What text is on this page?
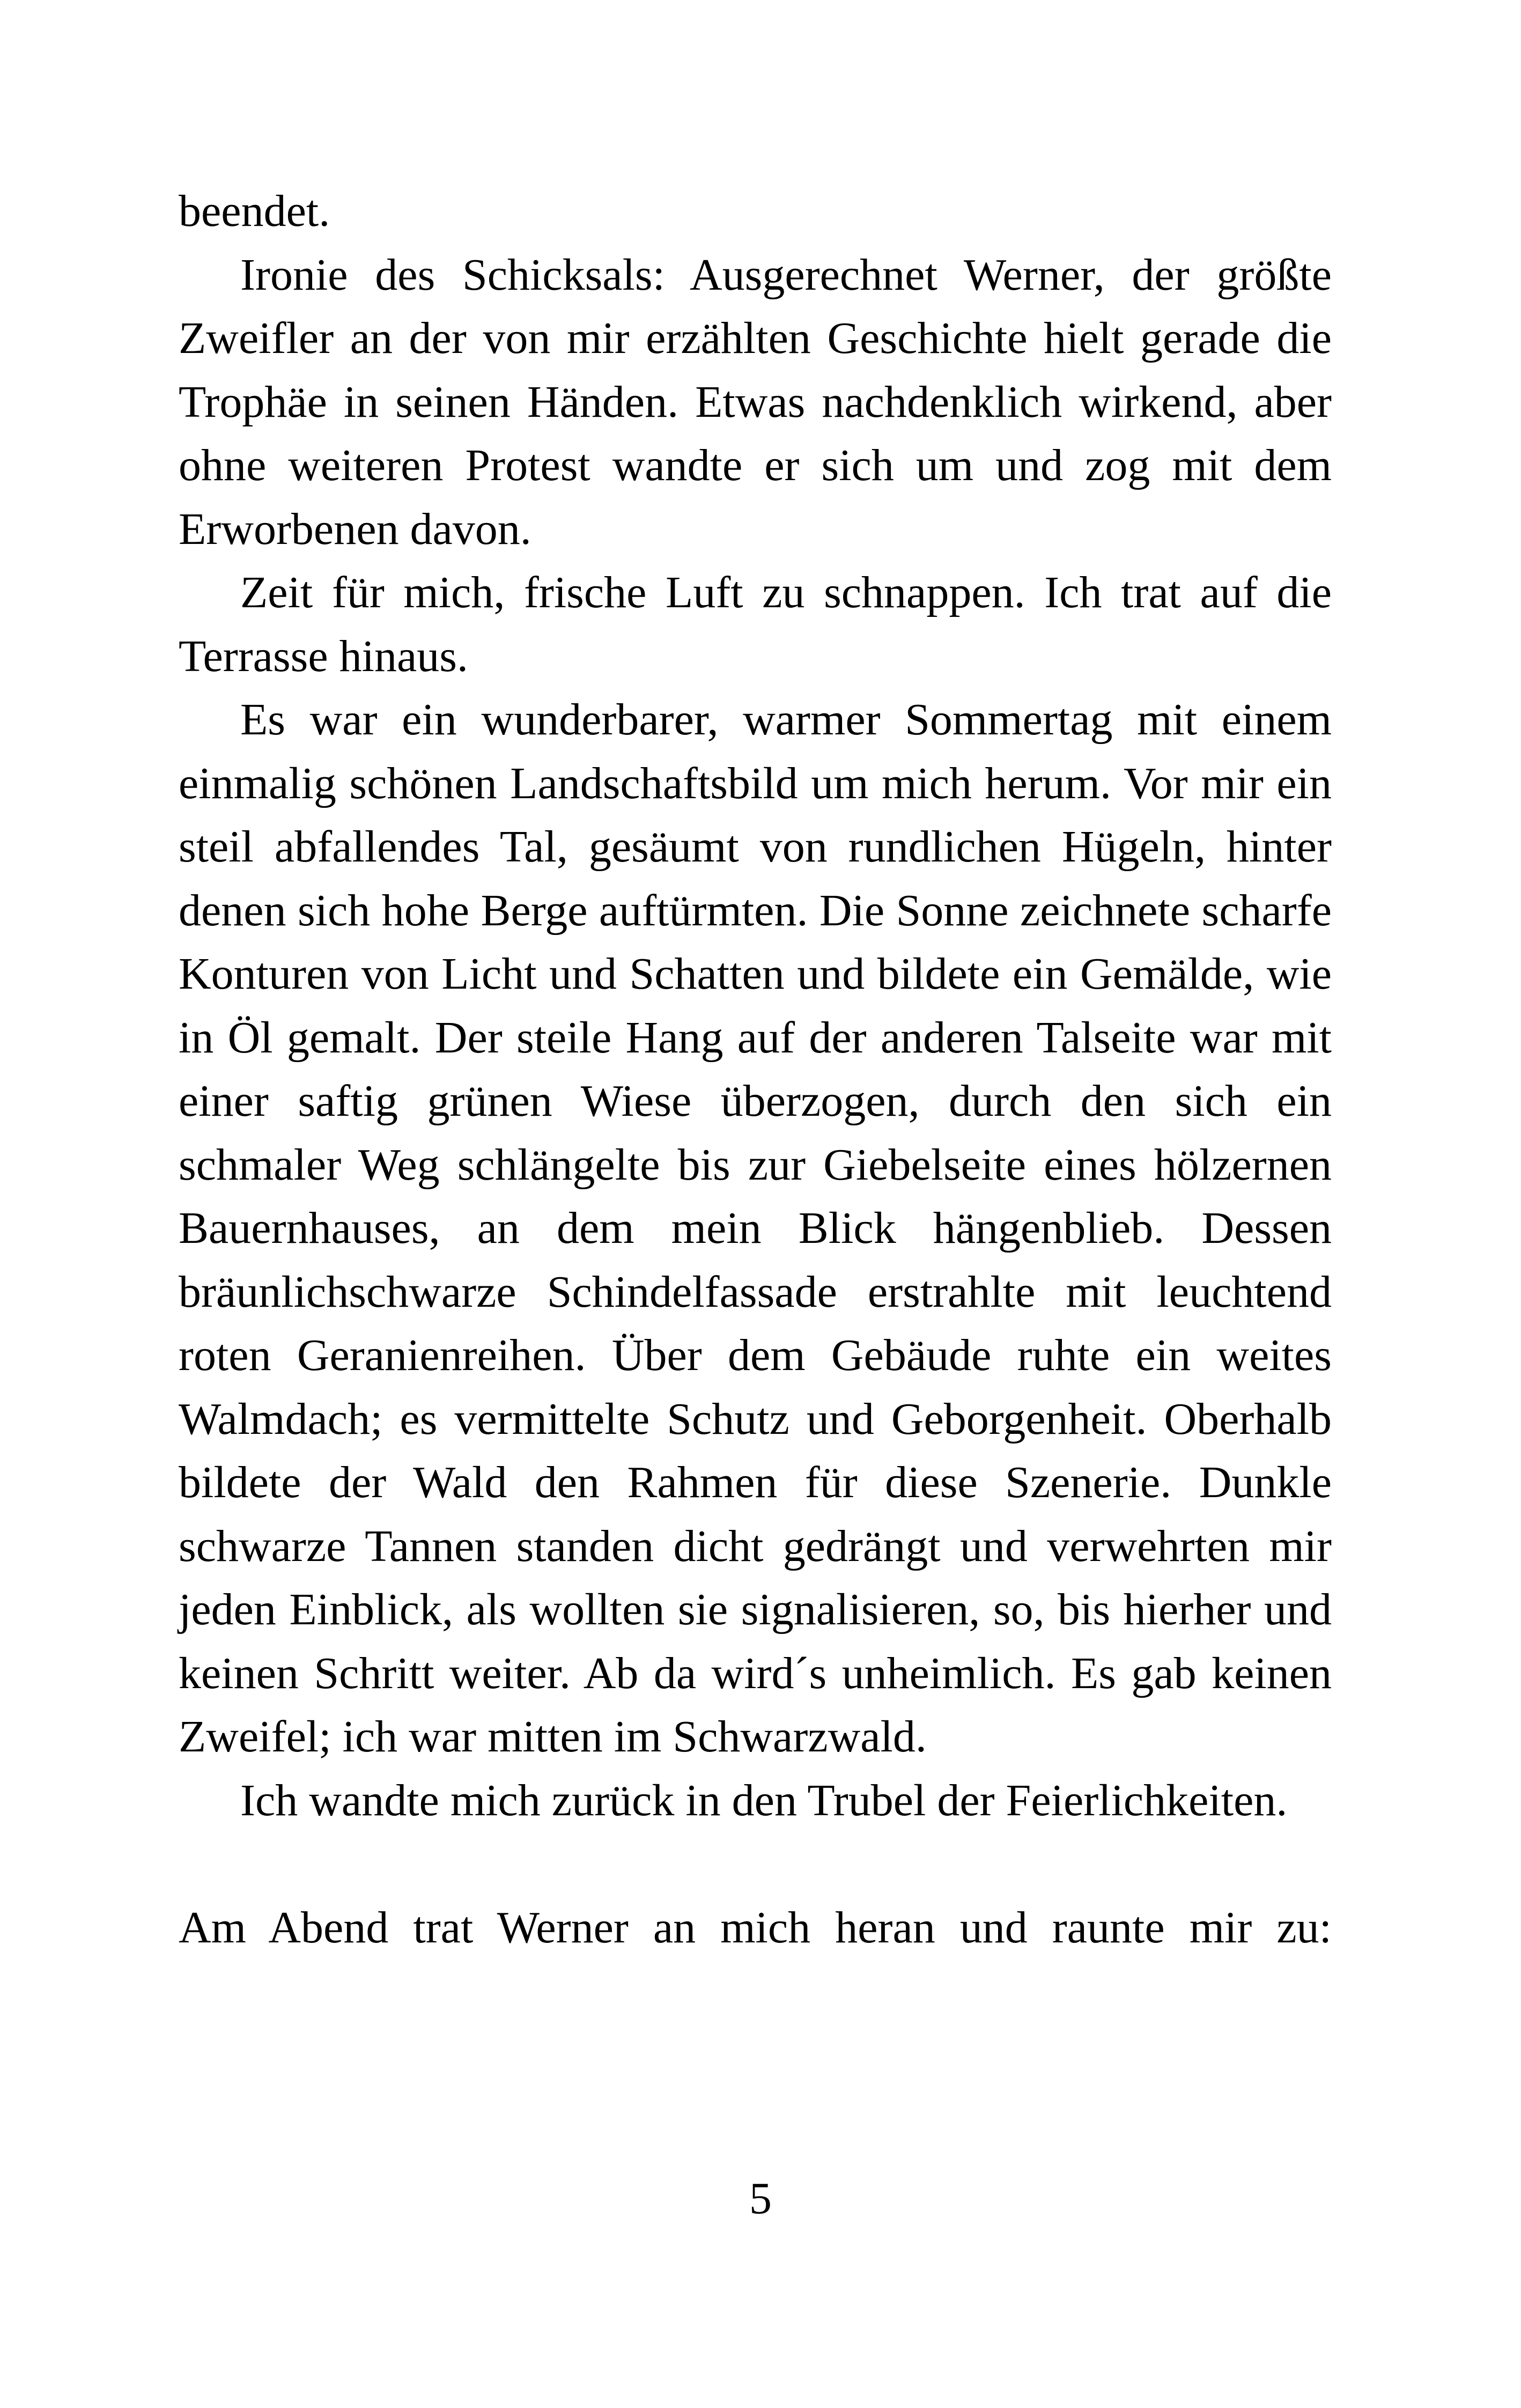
beendet.

Ironie des Schicksals: Ausgerechnet Werner, der größte Zweifler an der von mir erzählten Geschichte hielt gerade die Trophäe in seinen Händen. Etwas nachdenklich wirkend, aber ohne weiteren Protest wandte er sich um und zog mit dem Erworbenen davon.

Zeit für mich, frische Luft zu schnappen. Ich trat auf die Terrasse hinaus.

Es war ein wunderbarer, warmer Sommertag mit einem einmalig schönen Landschaftsbild um mich herum. Vor mir ein steil abfallendes Tal, gesäumt von rundlichen Hügeln, hinter denen sich hohe Berge auftürmten. Die Sonne zeichnete scharfe Konturen von Licht und Schatten und bildete ein Gemälde, wie in Öl gemalt. Der steile Hang auf der anderen Talseite war mit einer saftig grünen Wiese überzogen, durch den sich ein schmaler Weg schlängelte bis zur Giebelseite eines hölzernen Bauernhauses, an dem mein Blick hängenblieb. Dessen bräunlichschwarze Schindelfassade erstrahlte mit leuchtend roten Geranienreihen. Über dem Gebäude ruhte ein weites Walmdach; es vermittelte Schutz und Geborgenheit. Oberhalb bildete der Wald den Rahmen für diese Szenerie. Dunkle schwarze Tannen standen dicht gedrängt und verwehrten mir jeden Einblick, als wollten sie signalisieren, so, bis hierher und keinen Schritt weiter. Ab da wird´s unheimlich. Es gab keinen Zweifel; ich war mitten im Schwarzwald.

Ich wandte mich zurück in den Trubel der Feierlichkeiten.

Am Abend trat Werner an mich heran und raunte mir zu:

5
